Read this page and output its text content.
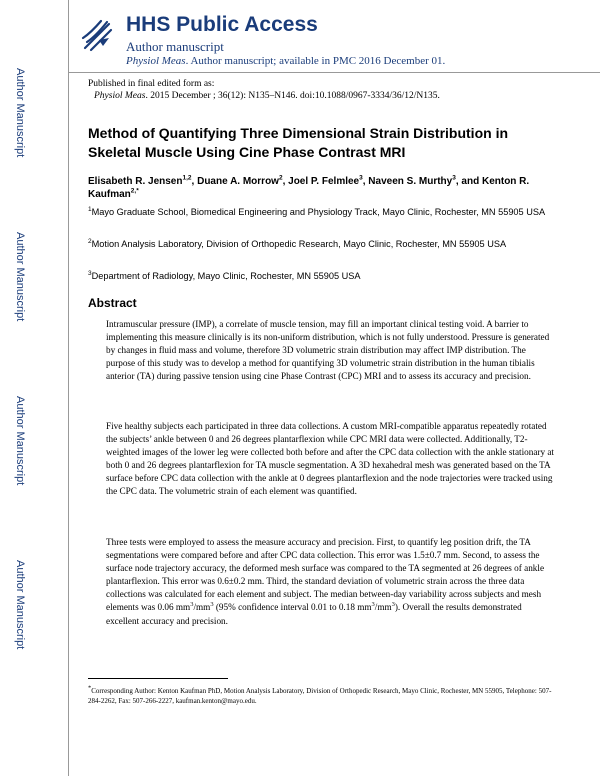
Author Manuscript
Author Manuscript
Author Manuscript
Author Manuscript
HHS Public Access
Author manuscript
Physiol Meas. Author manuscript; available in PMC 2016 December 01.
Published in final edited form as:
Physiol Meas. 2015 December ; 36(12): N135–N146. doi:10.1088/0967-3334/36/12/N135.
Method of Quantifying Three Dimensional Strain Distribution in Skeletal Muscle Using Cine Phase Contrast MRI
Elisabeth R. Jensen$^{1,2}$, Duane A. Morrow$^2$, Joel P. Felmlee$^3$, Naveen S. Murthy$^3$, and Kenton R. Kaufman$^{2,*}$
$^1$Mayo Graduate School, Biomedical Engineering and Physiology Track, Mayo Clinic, Rochester, MN 55905 USA
$^2$Motion Analysis Laboratory, Division of Orthopedic Research, Mayo Clinic, Rochester, MN 55905 USA
$^3$Department of Radiology, Mayo Clinic, Rochester, MN 55905 USA
Abstract
Intramuscular pressure (IMP), a correlate of muscle tension, may fill an important clinical testing void. A barrier to implementing this measure clinically is its non-uniform distribution, which is not fully understood. Pressure is generated by changes in fluid mass and volume, therefore 3D volumetric strain distribution may affect IMP distribution. The purpose of this study was to develop a method for quantifying 3D volumetric strain distribution in the human tibialis anterior (TA) during passive tension using cine Phase Contrast (CPC) MRI and to assess its accuracy and precision.
Five healthy subjects each participated in three data collections. A custom MRI-compatible apparatus repeatedly rotated the subjects’ ankle between 0 and 26 degrees plantarflexion while CPC MRI data were collected. Additionally, T2-weighted images of the lower leg were collected both before and after the CPC data collection with the ankle stationary at both 0 and 26 degrees plantarflexion for TA muscle segmentation. A 3D hexahedral mesh was generated based on the TA surface before CPC data collection with the ankle at 0 degrees plantarflexion and the node trajectories were tracked using the CPC data. The volumetric strain of each element was quantified.
Three tests were employed to assess the measure accuracy and precision. First, to quantify leg position drift, the TA segmentations were compared before and after CPC data collection. This error was 1.5±0.7 mm. Second, to assess the surface node trajectory accuracy, the deformed mesh surface was compared to the TA segmented at 26 degrees of ankle plantarflexion. This error was 0.6±0.2 mm. Third, the standard deviation of volumetric strain across the three data collections was calculated for each element and subject. The median between-day variability across subjects and mesh elements was 0.06 $mm^3/mm^3$ (95% confidence interval 0.01 to 0.18 $mm^3/mm^3$). Overall the results demonstrated excellent accuracy and precision.
*Corresponding Author: Kenton Kaufman PhD, Motion Analysis Laboratory, Division of Orthopedic Research, Mayo Clinic, Rochester, MN 55905, Telephone: 507-284-2262, Fax: 507-266-2227, kaufman.kenton@mayo.edu.
